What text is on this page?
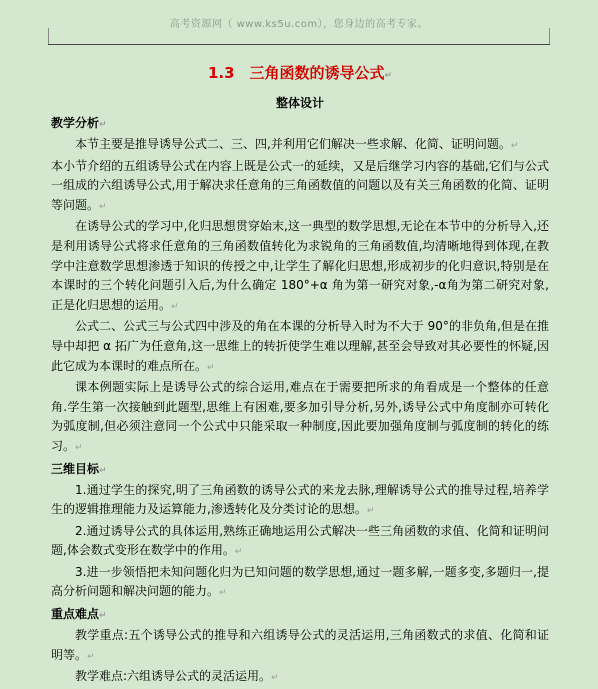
高考资源网（ www.ks5u.com），您身边的高考专家。
1.3　三角函数的诱导公式↵
整体设计
教学分析↵

本节主要是推导诱导公式二、三、四,并利用它们解决一些求解、化简、证明问题。↵

本小节介绍的五组诱导公式在内容上既是公式一的延续，又是后继学习内容的基础,它们与公式一组成的六组诱导公式,用于解决求任意角的三角函数值的问题以及有关三角函数的化简、证明等问题。↵

在诱导公式的学习中,化归思想贯穿始末,这一典型的数学思想,无论在本节中的分析导入,还是利用诱导公式将求任意角的三角函数值转化为求锐角的三角函数值,均清晰地得到体现,在教学中注意数学思想渗透于知识的传授之中,让学生了解化归思想,形成初步的化归意识,特别是在本课时的三个转化问题引入后,为什么确定 180°+α 角为第一研究对象,-α角为第二研究对象,正是化归思想的运用。↵

公式二、公式三与公式四中涉及的角在本课的分析导入时为不大于 90°的非负角,但是在推导中却把 α 拓广为任意角,这一思维上的转折使学生难以理解,甚至会导致对其必要性的怀疑,因此它成为本课时的难点所在。↵

课本例题实际上是诱导公式的综合运用,难点在于需要把所求的角看成是一个整体的任意角.学生第一次接触到此题型,思维上有困难,要多加引导分析,另外,诱导公式中角度制亦可转化为弧度制,但必须注意同一个公式中只能采取一种制度,因此要加强角度制与弧度制的转化的练习。↵

三维目标↵

1.通过学生的探究,明了三角函数的诱导公式的来龙去脉,理解诱导公式的推导过程,培养学生的逻辑推理能力及运算能力,渗透转化及分类讨论的思想。↵

2.通过诱导公式的具体运用,熟练正确地运用公式解决一些三角函数的求值、化简和证明问题,体会数式变形在数学中的作用。↵

3.进一步领悟把未知问题化归为已知问题的数学思想,通过一题多解,一题多变,多题归一,提高分析问题和解决问题的能力。↵

重点难点↵

教学重点:五个诱导公式的推导和六组诱导公式的灵活运用,三角函数式的求值、化简和证明等。↵

教学难点:六组诱导公式的灵活运用。↵
